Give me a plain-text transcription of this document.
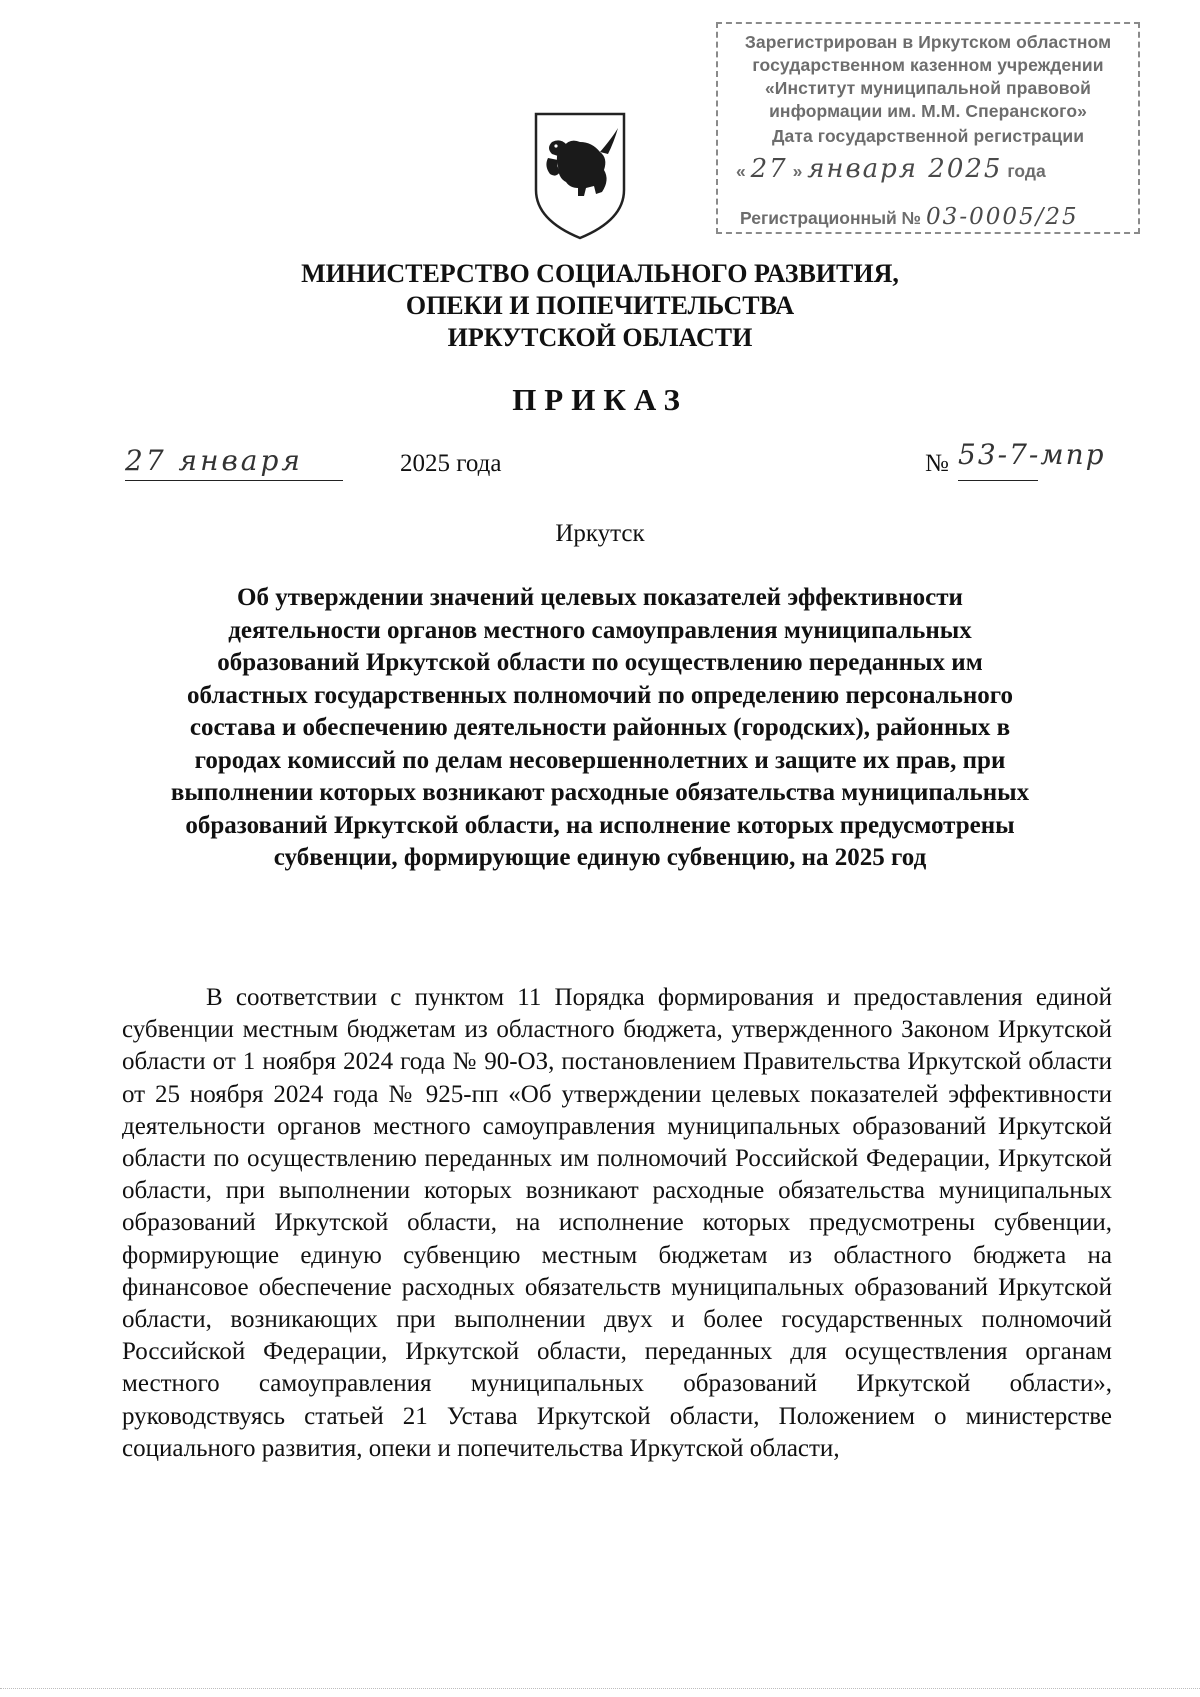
Зарегистрирован в Иркутском областном
государственном казенном учреждении
«Институт муниципальной правовой
информации им. М.М. Сперанского»
Дата государственной регистрации
« 27 » января 2025 года
Регистрационный № 03-0005/25
МИНИСТЕРСТВО СОЦИАЛЬНОГО РАЗВИТИЯ,
ОПЕКИ И ПОПЕЧИТЕЛЬСТВА
ИРКУТСКОЙ ОБЛАСТИ
ПРИКАЗ
27 января	2025 года	№ 53-7-мпр
Иркутск
Об утверждении значений целевых показателей эффективности деятельности органов местного самоуправления муниципальных образований Иркутской области по осуществлению переданных им областных государственных полномочий по определению персонального состава и обеспечению деятельности районных (городских), районных в городах комиссий по делам несовершеннолетних и защите их прав, при выполнении которых возникают расходные обязательства муниципальных образований Иркутской области, на исполнение которых предусмотрены субвенции, формирующие единую субвенцию, на 2025 год
В соответствии с пунктом 11 Порядка формирования и предоставления единой субвенции местным бюджетам из областного бюджета, утвержденного Законом Иркутской области от 1 ноября 2024 года № 90-ОЗ, постановлением Правительства Иркутской области от 25 ноября 2024 года № 925-пп «Об утверждении целевых показателей эффективности деятельности органов местного самоуправления муниципальных образований Иркутской области по осуществлению переданных им полномочий Российской Федерации, Иркутской области, при выполнении которых возникают расходные обязательства муниципальных образований Иркутской области, на исполнение которых предусмотрены субвенции, формирующие единую субвенцию местным бюджетам из областного бюджета на финансовое обеспечение расходных обязательств муниципальных образований Иркутской области, возникающих при выполнении двух и более государственных полномочий Российской Федерации, Иркутской области, переданных для осуществления органам местного самоуправления муниципальных образований Иркутской области», руководствуясь статьей 21 Устава Иркутской области, Положением о министерстве социального развития, опеки и попечительства Иркутской области,
